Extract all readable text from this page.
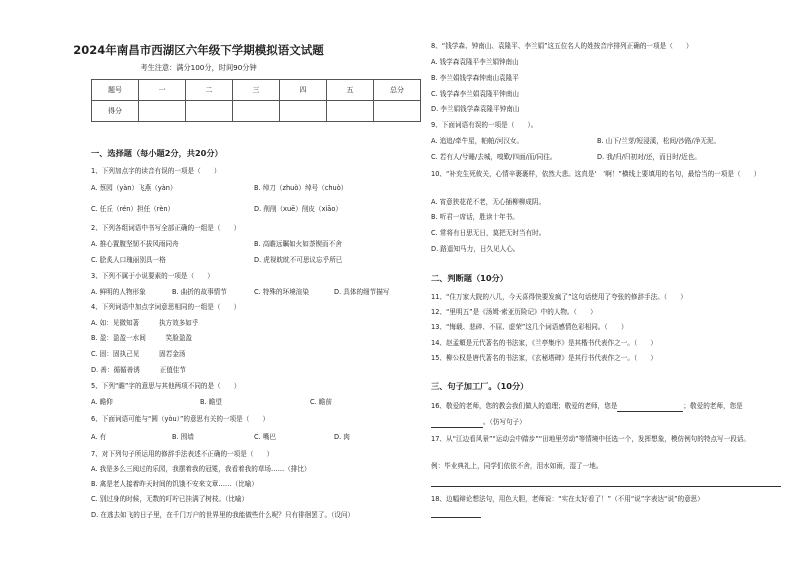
2024年南昌市西湖区六年级下学期模拟语文试题
考生注意：满分100分，时间90分钟
题号	一	二	三	四	五	总分
得分						
一、选择题（每小题2分，共20分）
1、下列加点字的读音有误的一项是（　　）
A. 蔡园（yàn）飞燕（yàn）	B. 绰刀（zhuò）绰号（chuò）
C. 任丘（rén）担任（rèn）	D. 削削（xuē）削皮（xiāo）
2、下列各组词语中书写全部正确的一组是（　　）
A. 推心置腹坚韧不拔风雨同舟	B. 高瞻远瞩如火如荼锲而不舍
C. 脍炙人口瑰丽别具一格	D. 虎视眈眈不可思议忘乎所已
3、下列不属于小说要素的一项是（　　）
A. 鲜明的人物形象	B. 曲折的故事情节	C. 特殊的环境渲染	D. 具体的细节描写
4、下列词语中加点字词意思相同的一组是（　　）
A. 如：见微知著　　　执方效多如乎
B. 盈：盈盈一水间　　　笑脸盈盈
C. 固：固执己见　　　固若金汤
D. 善：循循善诱　　　正值佳节
5、下列“瞻”字的意思与其他两项不同的是（　　）
A. 瞻仰	B. 瞻望	C. 瞻前
6、下面词语可能与“圆（yòu）”的意思有关的一项是（　　）
A. 有	B. 围墙	C. 嘴巴	D. 肉
7、对下列句子所运用的修辞手法表述不正确的一项是（　　）
A. 我是多么三阅过的乐园，我摆着我的冠冕，我看着我的草场……（排比）
B. 禽是老人接着昨天时间的饥饿不安来文章……（比喻）
C. 别过身的时候，无数的叮咛已挂满了树枝。（比喻）
D. 在逃去如飞的日子里，在千门万户的世界里的我能做些什么呢？只有徘徊罢了。（设问）
8、“钱学森、钟南山、袁隆平、李兰娟”这五位名人的姓按音序排列正确的一项是（　　）
A. 钱学森袁隆平李兰娟钟南山
B. 李兰娟钱学森钟南山袁隆平
C. 钱学森李兰娟袁隆平钟南山
D. 李兰娟钱学森袁隆平钟南山
9、下面词语有误的一项是（　　）。
A. 追追/牵牛星，帕帕/河汉女。	B. 山下/兰芽/短浸溪，松间/沙路/净无泥。
C. 若有人/兮睡/去城，嗅歎/四面/而/同往。	D. 我/归/归初对/还，而日时/近也。
10、“补充生死攸关，心情辛裹裹样，依然大悲。这真是‘　’啊！”横线上要填用的名句，最恰当的一项是（　　）
A. 宵意狭花花不老，无心插柳柳成阴。
B. 听君一席话，胜读十年书。
C. 常将有日思无日，莫把无时当有时。
D. 路遥知马力，日久见人心。
二、判断题（10分）
11、“住万家大院的八几，今天喜得快要发疯了”这句话使用了夸张的修辞手法。（　　）
12、“里明五”是《汤姆·索亚历险记》中的人物。（　　）
13、“悔载、悲碎、不屈、虚荣”这几个词语感情色彩相同。（　　）
14、赵孟頫是元代著名的书法家，《兰亭集序》是其楷书代表作之一。（　　）
15、柳公权是唐代著名的书法家，《玄秘塔碑》是其行书代表作之一。（　　）
三、句子加工厂。（10分）
16、敬爱的老师，您的教会我们做人的道理；敬爱的老师，您是	；敬爱的老师，您是
。（仿写句子）
17、从“江边看风景”“运动会中踏步”“田地里劳动”等情境中任选一个，发挥想象，模仿例句的特点写一段话。
例：毕业典礼上，同学们依依不舍，泪水如雨，湿了一地。
18、边幅辩论想法句，用色大胆，老师说：“实在太好看了！”（不用“说”字表达“说”的意思）
